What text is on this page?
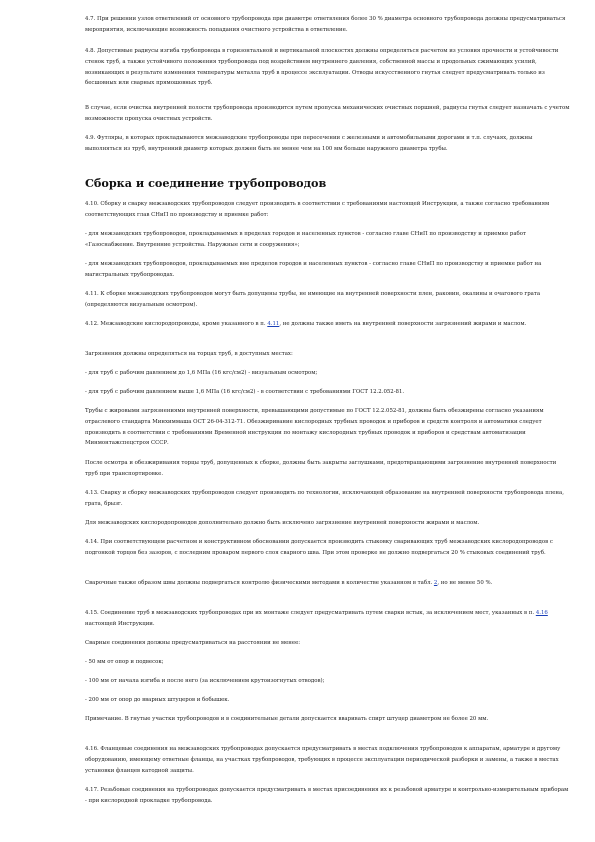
4.7. При решении узлов ответвлений от основного трубопровода при диаметре ответвления более 30 % диаметра основного трубопровода должны предусматриваться мероприятия, исключающие возможность попадания очистного устройства в ответвление.

4.8. Допустимые радиусы изгиба трубопровода в горизонтальной и вертикальной плоскостях должны определяться расчетом из условия прочности и устойчивости стенок труб, а также устойчивого положения трубопровода под воздействием внутреннего давления, собственной массы и продольных сжимающих усилий, возникающих в результате изменения температуры металла труб в процессе эксплуатации. Отводы искусственного гнутья следует предусматривать только из бесшовных или сварных прямошовных труб.

В случае, если очистка внутренней полости трубопровода производится путем пропуска механических очистных поршней, радиусы гнутья следует назначать с учетом возможности пропуска очистных устройств.

4.9. Футляры, в которых прокладываются межзаводские трубопроводы при пересечении с железными и автомобильными дорогами и т.п. случаях, должны выполняться из труб, внутренний диаметр которых должен быть не менее чем на 100 мм больше наружного диаметра трубы.

Сборка и соединение трубопроводов

4.10. Сборку и сварку межзаводских трубопроводов следует производить в соответствии с требованиями настоящей Инструкции, а также согласно требованиям соответствующих глав СНиП по производству и приемке работ:

- для межзаводских трубопроводов, прокладываемых в пределах городов и населенных пунктов - согласно главе СНиП по производству и приемке работ «Газоснабжение. Внутренние устройства. Наружные сети и сооружения»;

- для межзаводских трубопроводов, прокладываемых вне пределов городов и населенных пунктов - согласно главе СНиП по производству и приемке работ на магистральных трубопроводах.

4.11. К сборке межзаводских трубопроводов могут быть допущены трубы, не имеющие на внутренней поверхности плен, раковин, окалины и очагового грата (определяются визуальным осмотром).

4.12. Межзаводские кислородопроводы, кроме указанного в п. 4.11, не должны также иметь на внутренней поверхности загрязнений жирами и маслом.

Загрязнения должны определяться на торцах труб, в доступных местах:

- для труб с рабочим давлением до 1,6 МПа (16 кгс/см2) - визуальным осмотром;

- для труб с рабочим давлением выше 1,6 МПа (16 кгс/см2) - в соответствии с требованиями ГОСТ 12.2.052-81.

Трубы с жировыми загрязнениями внутренней поверхности, превышающими допустимые по ГОСТ 12.2.052-81, должны быть обезжирены согласно указаниям отраслевого стандарта Минхиммаша ОСТ 26-04-312-71. Обезжиривание кислородных трубных проводок и приборов и средств контроля и автоматики следует производить в соответствии с требованиями Временной инструкции по монтажу кислородных трубных проводок и приборов и средствам автоматизации Минмонтажспецстроя СССР.

После осмотра и обезжиривания торцы труб, допущенных к сборке, должны быть закрыты заглушками, предотвращающими загрязнение внутренней поверхности труб при транспортировке.

4.13. Сварку и сборку межзаводских трубопроводов следует производить по технологии, исключающей образование на внутренней поверхности трубопровода плена, грата, брызг.

Для межзаводских кислородопроводов дополнительно должно быть исключено загрязнение внутренней поверхности жирами и маслом.

4.14. При соответствующем расчетном и конструктивном обосновании допускается производить стыковку сваривающих труб межзаводских кислородопроводов с подгонкой торцов без зазоров, с последним проваром первого слоя сварного шва. При этом проверке не должно подвергаться 20 % стыковых соединений труб.

Сварочные также образом швы должны подвергаться контролю физическими методами в количестве указанном в табл. 2, но не менее 50 %.

4.15. Соединение труб в межзаводских трубопроводах при их монтаже следует предусматривать путем сварки встык, за исключением мест, указанных в п. 4.16 настоящей Инструкции.

Сварные соединения должны предусматриваться на расстоянии не менее:

- 50 мм от опор и подвесок;

- 100 мм от начала изгиба и после него (за исключением крутоизогнутых отводов);

- 200 мм от опор до вварных штуцеров и бобышек.

Примечание. В гнутые участки трубопроводов и в соединительные детали допускается вваривать спирт штуцер диаметром не более 20 мм.

4.16. Фланцевые соединения на межзаводских трубопроводах допускается предусматривать в местах подключения трубопроводов к аппаратам, арматуре и другому оборудованию, имеющему ответные фланцы, на участках трубопроводов, требующих в процессе эксплуатации периодической разборки и замены, а также в местах установки фланцев катодной защиты.

4.17. Резьбовые соединения на трубопроводах допускается предусматривать в местах присоединения их к резьбовой арматуре и контрольно-измерительным приборам - при кислородной прокладке трубопровода.
